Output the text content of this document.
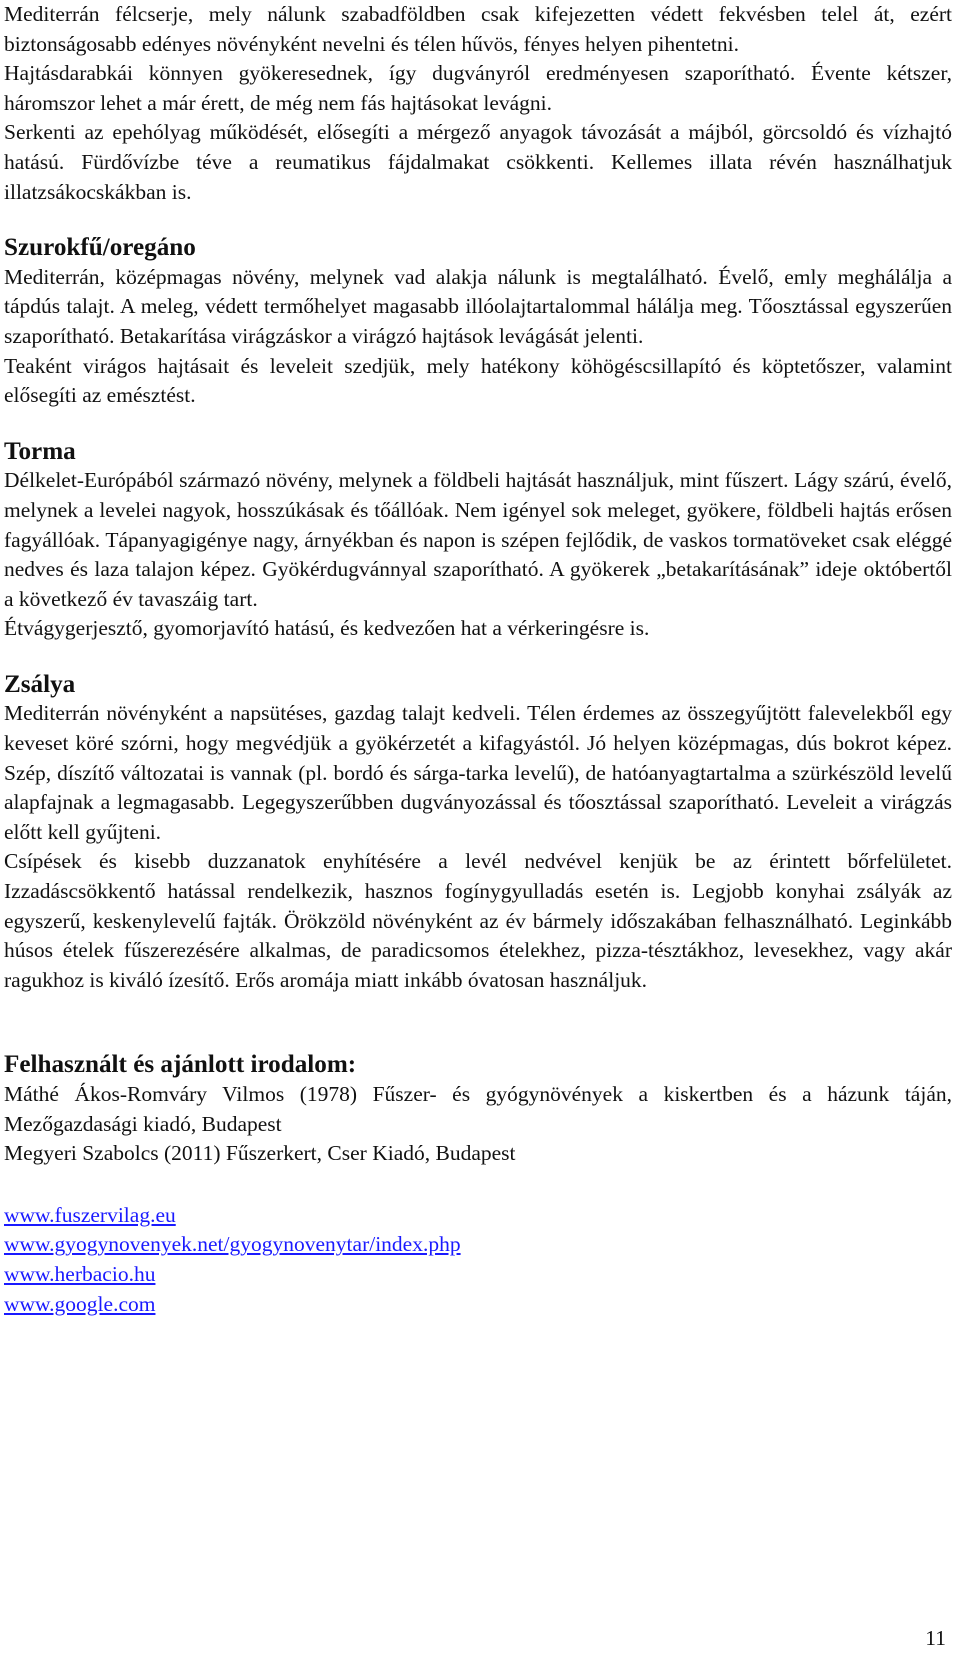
Mediterrán félcserje, mely nálunk szabadföldben csak kifejezetten védett fekvésben telel át, ezért biztonságosabb edényes növényként nevelni és télen hűvös, fényes helyen pihentetni.

Hajtásdarabkái könnyen gyökeresednek, így dugványról eredményesen szaporítható. Évente kétszer, háromszor lehet a már érett, de még nem fás hajtásokat levágni.

Serkenti az epehólyag működését, elősegíti a mérgező anyagok távozását a májból, görcsoldó és vízhajtó hatású. Fürdővízbe téve a reumatikus fájdalmakat csökkenti. Kellemes illata révén használhatjuk illatzsákocskákban is.

Szurokfű/oregáno

Mediterrán, középmagas növény, melynek vad alakja nálunk is megtalálható. Évelő, emly meghálálja a tápdús talajt. A meleg, védett termőhelyet magasabb illóolajtartalommal hálálja meg. Tőosztással egyszerűen szaporítható. Betakarítása virágzáskor a virágzó hajtások levágását jelenti.

Teaként virágos hajtásait és leveleit szedjük, mely hatékony köhögéscsillapító és köptetőszer, valamint elősegíti az emésztést.

Torma

Délkelet-Európából származó növény, melynek a földbeli hajtását használjuk, mint fűszert. Lágy szárú, évelő, melynek a levelei nagyok, hosszúkásak és tőállóak. Nem igényel sok meleget, gyökere, földbeli hajtás erősen fagyállóak. Tápanyagigénye nagy, árnyékban és napon is szépen fejlődik, de vaskos tormatöveket csak eléggé nedves és laza talajon képez. Gyökérdugvánnyal szaporítható. A gyökerek „betakarításának” ideje októbertől a következő év tavaszáig tart.

Étvágygerjesztő, gyomorjavító hatású, és kedvezően hat a vérkeringésre is.

Zsálya

Mediterrán növényként a napsütéses, gazdag talajt kedveli. Télen érdemes az összegyűjtött falevelekből egy keveset köré szórni, hogy megvédjük a gyökérzetét a kifagyástól. Jó helyen középmagas, dús bokrot képez. Szép, díszítő változatai is vannak (pl. bordó és sárga-tarka levelű), de hatóanyagtartalma a szürkészöld levelű alapfajnak a legmagasabb. Legegyszerűbben dugványozással és tőosztással szaporítható. Leveleit a virágzás előtt kell gyűjteni.

Csípések és kisebb duzzanatok enyhítésére a levél nedvével kenjük be az érintett bőrfelületet. Izzadáscsökkentő hatással rendelkezik, hasznos fogínygyulladás esetén is. Legjobb konyhai zsályák az egyszerű, keskenylevelű fajták. Örökzöld növényként az év bármely időszakában felhasználható. Leginkább húsos ételek fűszerezésére alkalmas, de paradicsomos ételekhez, pizza-tésztákhoz, levesekhez, vagy akár ragukhoz is kiváló ízesítő. Erős aromája miatt inkább óvatosan használjuk.

Felhasznált és ajánlott irodalom:

Máthé Ákos-Romváry Vilmos (1978) Fűszer- és gyógynövények a kiskertben és a házunk táján, Mezőgazdasági kiadó, Budapest

Megyeri Szabolcs (2011) Fűszerkert, Cser Kiadó, Budapest

www.fuszervilag.eu
www.gyogynovenyek.net/gyogynovenytar/index.php
www.herbacio.hu
www.google.com
11
